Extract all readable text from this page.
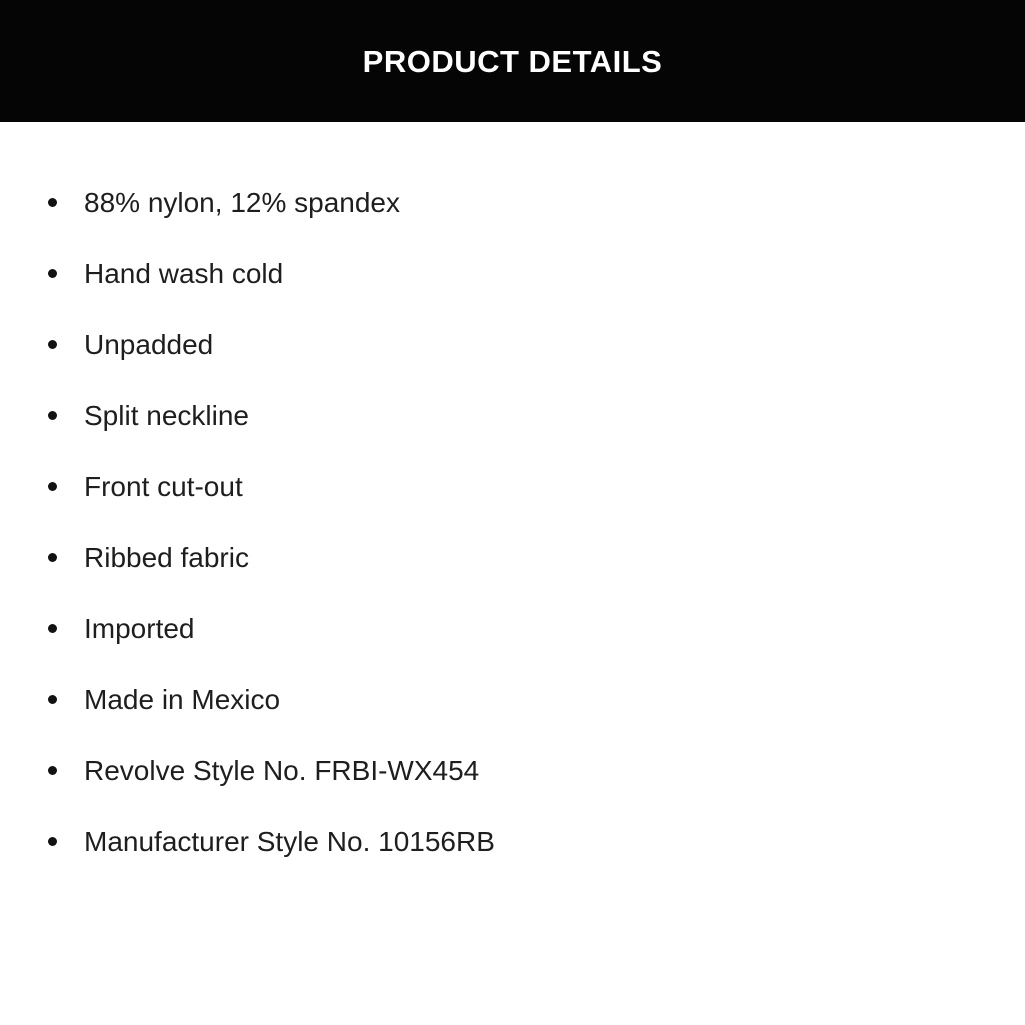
PRODUCT DETAILS
88% nylon, 12% spandex
Hand wash cold
Unpadded
Split neckline
Front cut-out
Ribbed fabric
Imported
Made in Mexico
Revolve Style No. FRBI-WX454
Manufacturer Style No. 10156RB
